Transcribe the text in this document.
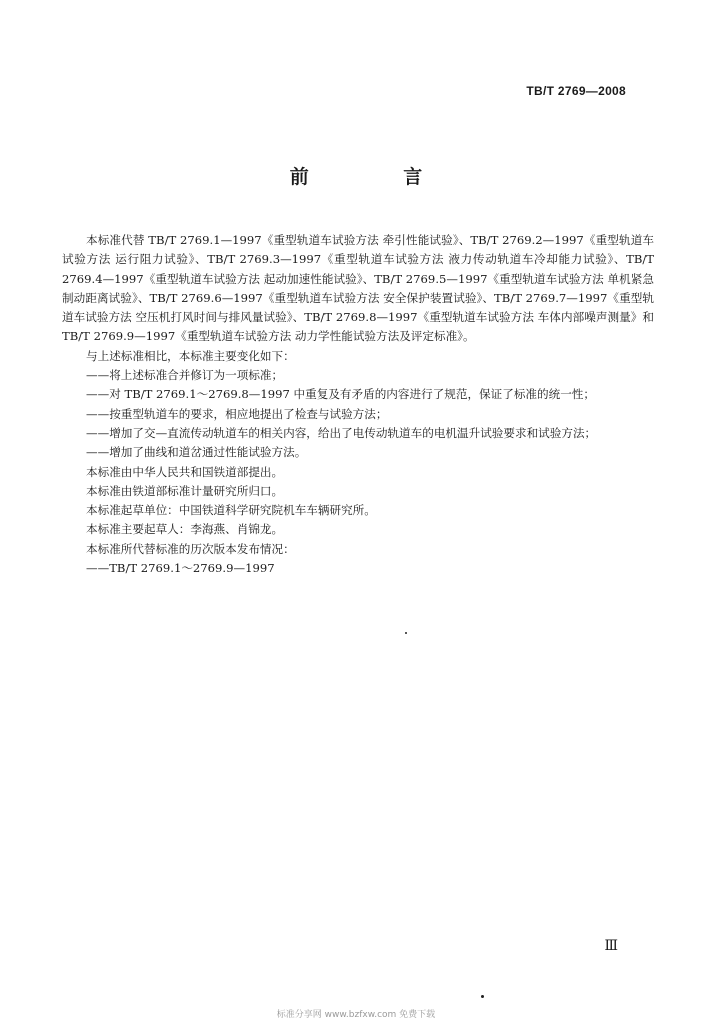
TB/T 2769—2008
前 言

本标准代替 TB/T 2769.1—1997《重型轨道车试验方法 牵引性能试验》、TB/T 2769.2—1997《重型轨道车试验方法 运行阻力试验》、TB/T 2769.3—1997《重型轨道车试验方法 液力传动轨道车冷却能力试验》、TB/T 2769.4—1997《重型轨道车试验方法 起动加速性能试验》、TB/T 2769.5—1997《重型轨道车试验方法 单机紧急制动距离试验》、TB/T 2769.6—1997《重型轨道车试验方法 安全保护装置试验》、TB/T 2769.7—1997《重型轨道车试验方法 空压机打风时间与排风量试验》、TB/T 2769.8—1997《重型轨道车试验方法 车体内部噪声测量》和 TB/T 2769.9—1997《重型轨道车试验方法 动力学性能试验方法及评定标准》。

与上述标准相比，本标准主要变化如下：

——将上述标准合并修订为一项标准；

——对 TB/T 2769.1～2769.8—1997 中重复及有矛盾的内容进行了规范，保证了标准的统一性；

——按重型轨道车的要求，相应地提出了检查与试验方法；

——增加了交—直流传动轨道车的相关内容，给出了电传动轨道车的电机温升试验要求和试验方法；

——增加了曲线和道岔通过性能试验方法。

本标准由中华人民共和国铁道部提出。

本标准由铁道部标准计量研究所归口。

本标准起草单位：中国铁道科学研究院机车车辆研究所。

本标准主要起草人：李海燕、肖锦龙。

本标准所代替标准的历次版本发布情况：

——TB/T 2769.1～2769.9—1997

Ⅲ
标准分享网 www.bzfxw.com 免费下载
